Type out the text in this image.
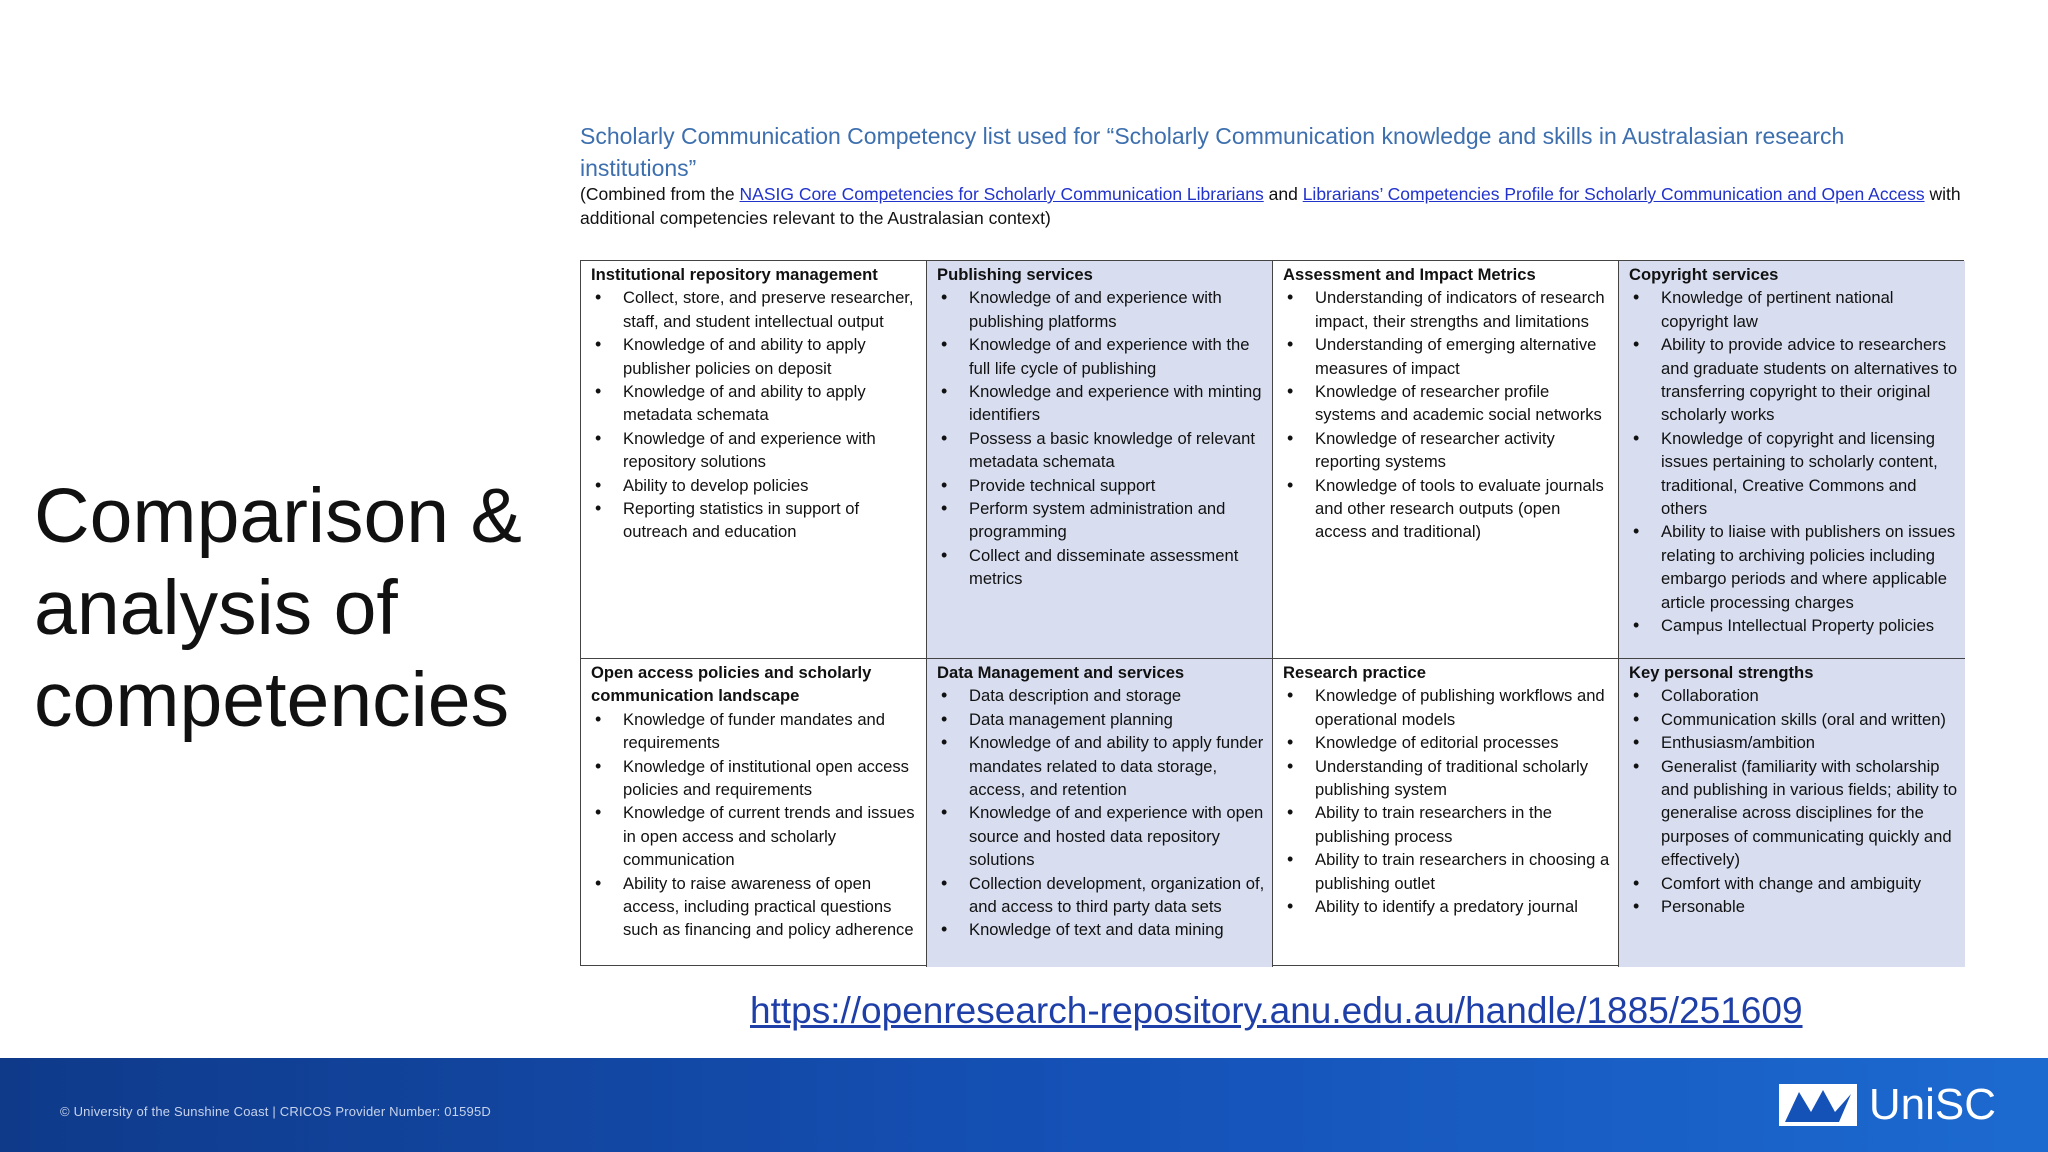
Comparison &
analysis of
competencies
Scholarly Communication Competency list used for “Scholarly Communication knowledge and skills in Australasian research institutions”
(Combined from the NASIG Core Competencies for Scholarly Communication Librarians and Librarians’ Competencies Profile for Scholarly Communication and Open Access with additional competencies relevant to the Australasian context)
Institutional repository management
• Collect, store, and preserve researcher, staff, and student intellectual output
• Knowledge of and ability to apply publisher policies on deposit
• Knowledge of and ability to apply metadata schemata
• Knowledge of and experience with repository solutions
• Ability to develop policies
• Reporting statistics in support of outreach and education
Publishing services
• Knowledge of and experience with publishing platforms
• Knowledge of and experience with the full life cycle of publishing
• Knowledge and experience with minting identifiers
• Possess a basic knowledge of relevant metadata schemata
• Provide technical support
• Perform system administration and programming
• Collect and disseminate assessment metrics
Assessment and Impact Metrics
• Understanding of indicators of research impact, their strengths and limitations
• Understanding of emerging alternative measures of impact
• Knowledge of researcher profile systems and academic social networks
• Knowledge of researcher activity reporting systems
• Knowledge of tools to evaluate journals and other research outputs (open access and traditional)
Copyright services
• Knowledge of pertinent national copyright law
• Ability to provide advice to researchers and graduate students on alternatives to transferring copyright to their original scholarly works
• Knowledge of copyright and licensing issues pertaining to scholarly content, traditional, Creative Commons and others
• Ability to liaise with publishers on issues relating to archiving policies including embargo periods and where applicable article processing charges
• Campus Intellectual Property policies
Open access policies and scholarly communication landscape
• Knowledge of funder mandates and requirements
• Knowledge of institutional open access policies and requirements
• Knowledge of current trends and issues in open access and scholarly communication
• Ability to raise awareness of open access, including practical questions such as financing and policy adherence
Data Management and services
• Data description and storage
• Data management planning
• Knowledge of and ability to apply funder mandates related to data storage, access, and retention
• Knowledge of and experience with open source and hosted data repository solutions
• Collection development, organization of, and access to third party data sets
• Knowledge of text and data mining
Research practice
• Knowledge of publishing workflows and operational models
• Knowledge of editorial processes
• Understanding of traditional scholarly publishing system
• Ability to train researchers in the publishing process
• Ability to train researchers in choosing a publishing outlet
• Ability to identify a predatory journal
Key personal strengths
• Collaboration
• Communication skills (oral and written)
• Enthusiasm/ambition
• Generalist (familiarity with scholarship and publishing in various fields; ability to generalise across disciplines for the purposes of communicating quickly and effectively)
• Comfort with change and ambiguity
• Personable
https://openresearch-repository.anu.edu.au/handle/1885/251609
© University of the Sunshine Coast | CRICOS Provider Number: 01595D	UniSC
